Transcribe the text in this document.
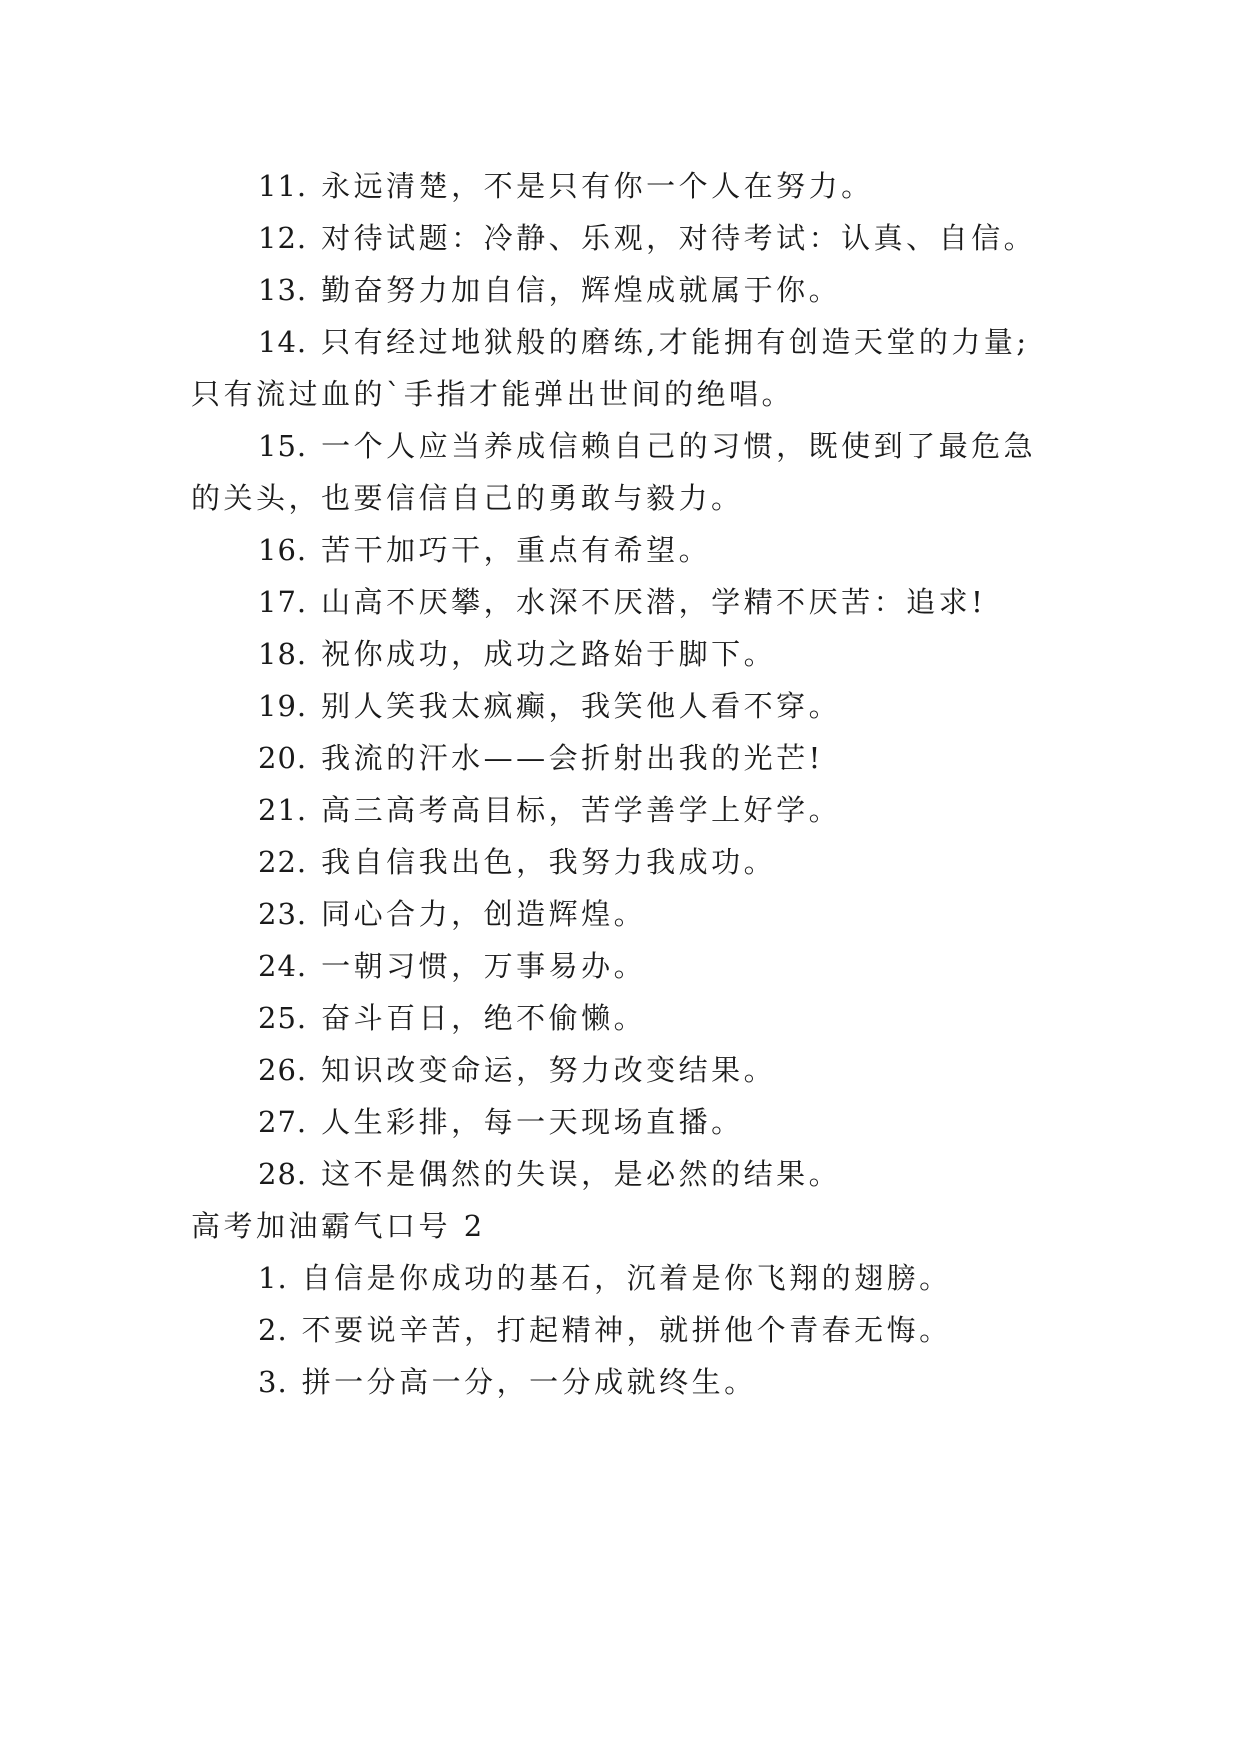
11. 永远清楚，不是只有你一个人在努力。
12. 对待试题：冷静、乐观，对待考试：认真、自信。
13. 勤奋努力加自信，辉煌成就属于你。
14. 只有经过地狱般的磨练,才能拥有创造天堂的力量;
只有流过血的`手指才能弹出世间的绝唱。
15. 一个人应当养成信赖自己的习惯，既使到了最危急
的关头，也要信信自己的勇敢与毅力。
16. 苦干加巧干，重点有希望。
17. 山高不厌攀，水深不厌潜，学精不厌苦：追求!
18. 祝你成功，成功之路始于脚下。
19. 别人笑我太疯癫，我笑他人看不穿。
20. 我流的汗水——会折射出我的光芒!
21. 高三高考高目标，苦学善学上好学。
22. 我自信我出色，我努力我成功。
23. 同心合力，创造辉煌。
24. 一朝习惯，万事易办。
25. 奋斗百日，绝不偷懒。
26. 知识改变命运，努力改变结果。
27. 人生彩排，每一天现场直播。
28. 这不是偶然的失误，是必然的结果。
高考加油霸气口号 2
1. 自信是你成功的基石，沉着是你飞翔的翅膀。
2. 不要说辛苦，打起精神，就拼他个青春无悔。
3. 拼一分高一分，一分成就终生。
